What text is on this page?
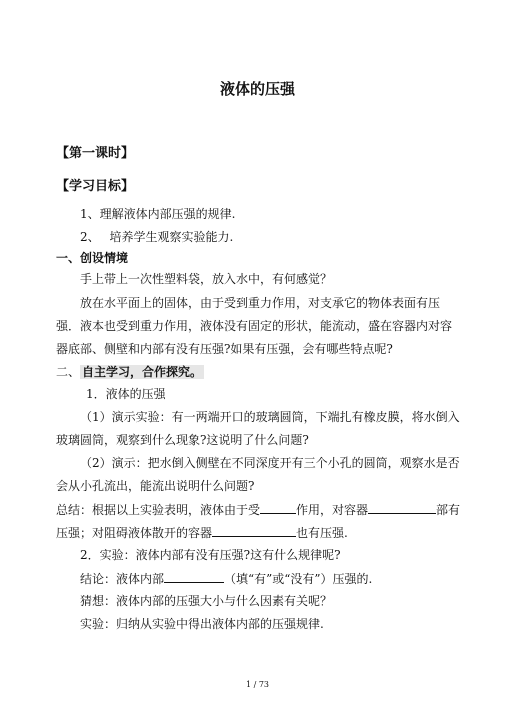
液体的压强
【第一课时】
【学习目标】
1、理解液体内部压强的规律.
2、　 培养学生观察实验能力.
一、创设情境
手上带上一次性塑料袋，放入水中，有何感觉？
放在水平面上的固体，由于受到重力作用，对支承它的物体表面有压
强．液本也受到重力作用，液体没有固定的形状，能流动，盛在容器内对容
器底部、侧壁和内部有没有压强?如果有压强，会有哪些特点呢?
二、 自主学习，合作探究。
1．液体的压强
（1）演示实验：有一两端开口的玻璃圆筒，下端扎有橡皮膜，将水倒入
玻璃圆筒，观察到什么现象?这说明了什么问题?
（2）演示：把水倒入侧壁在不同深度开有三个小孔的圆筒，观察水是否
会从小孔流出，能流出说明什么问题?
总结：根据以上实验表明，液体由于受	作用，对容器	部有
压强；对阻碍液体散开的容器	也有压强.
2．实验：液体内部有没有压强?这有什么规律呢?
结论：液体内部	（填“有”或“没有”）压强的.
猜想：液体内部的压强大小与什么因素有关呢？
实验：归纳从实验中得出液体内部的压强规律.
1 / 73
